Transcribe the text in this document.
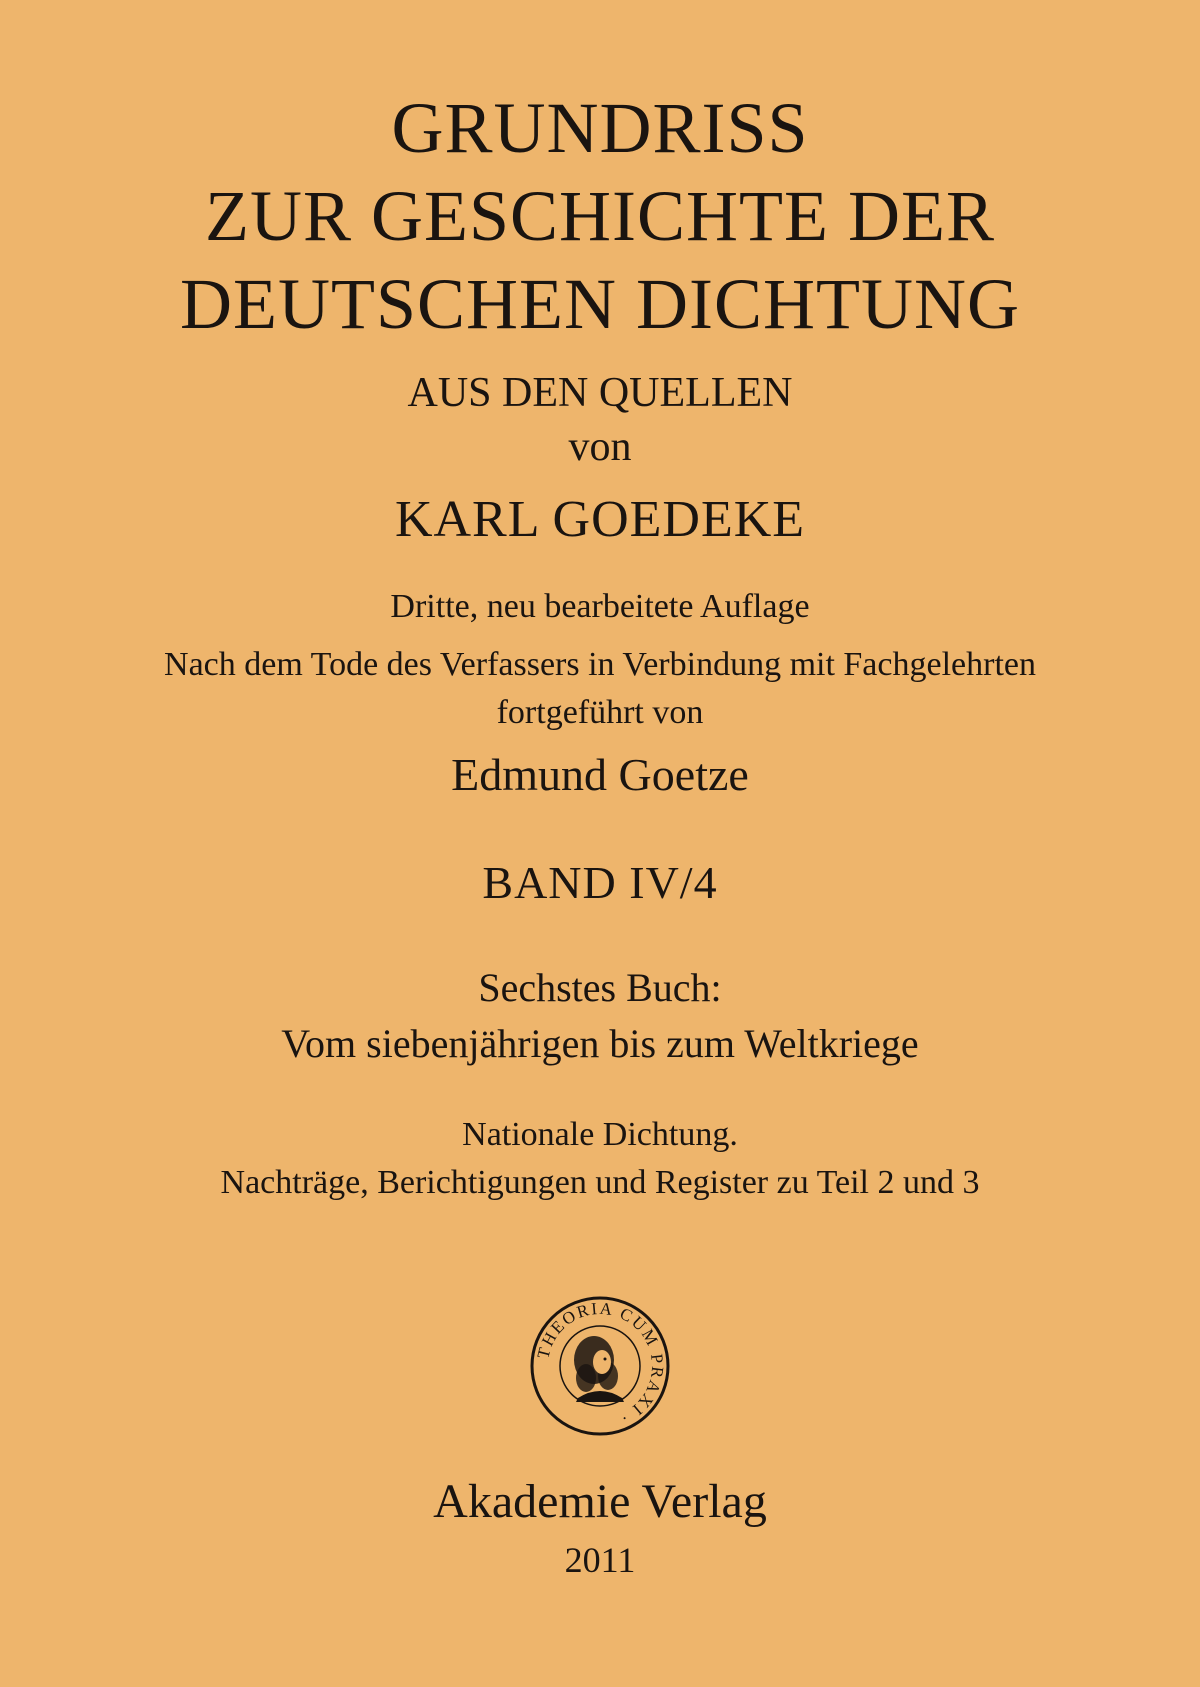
GRUNDRISS
ZUR GESCHICHTE DER
DEUTSCHEN DICHTUNG
AUS DEN QUELLEN
von
KARL GOEDEKE
Dritte, neu bearbeitete Auflage
Nach dem Tode des Verfassers in Verbindung mit Fachgelehrten
fortgeführt von
Edmund Goetze
BAND IV/4
Sechstes Buch:
Vom siebenjährigen bis zum Weltkriege
Nationale Dichtung.
Nachträge, Berichtigungen und Register zu Teil 2 und 3
THEORIA CUM PRAXI ·
Akademie Verlag
2011
